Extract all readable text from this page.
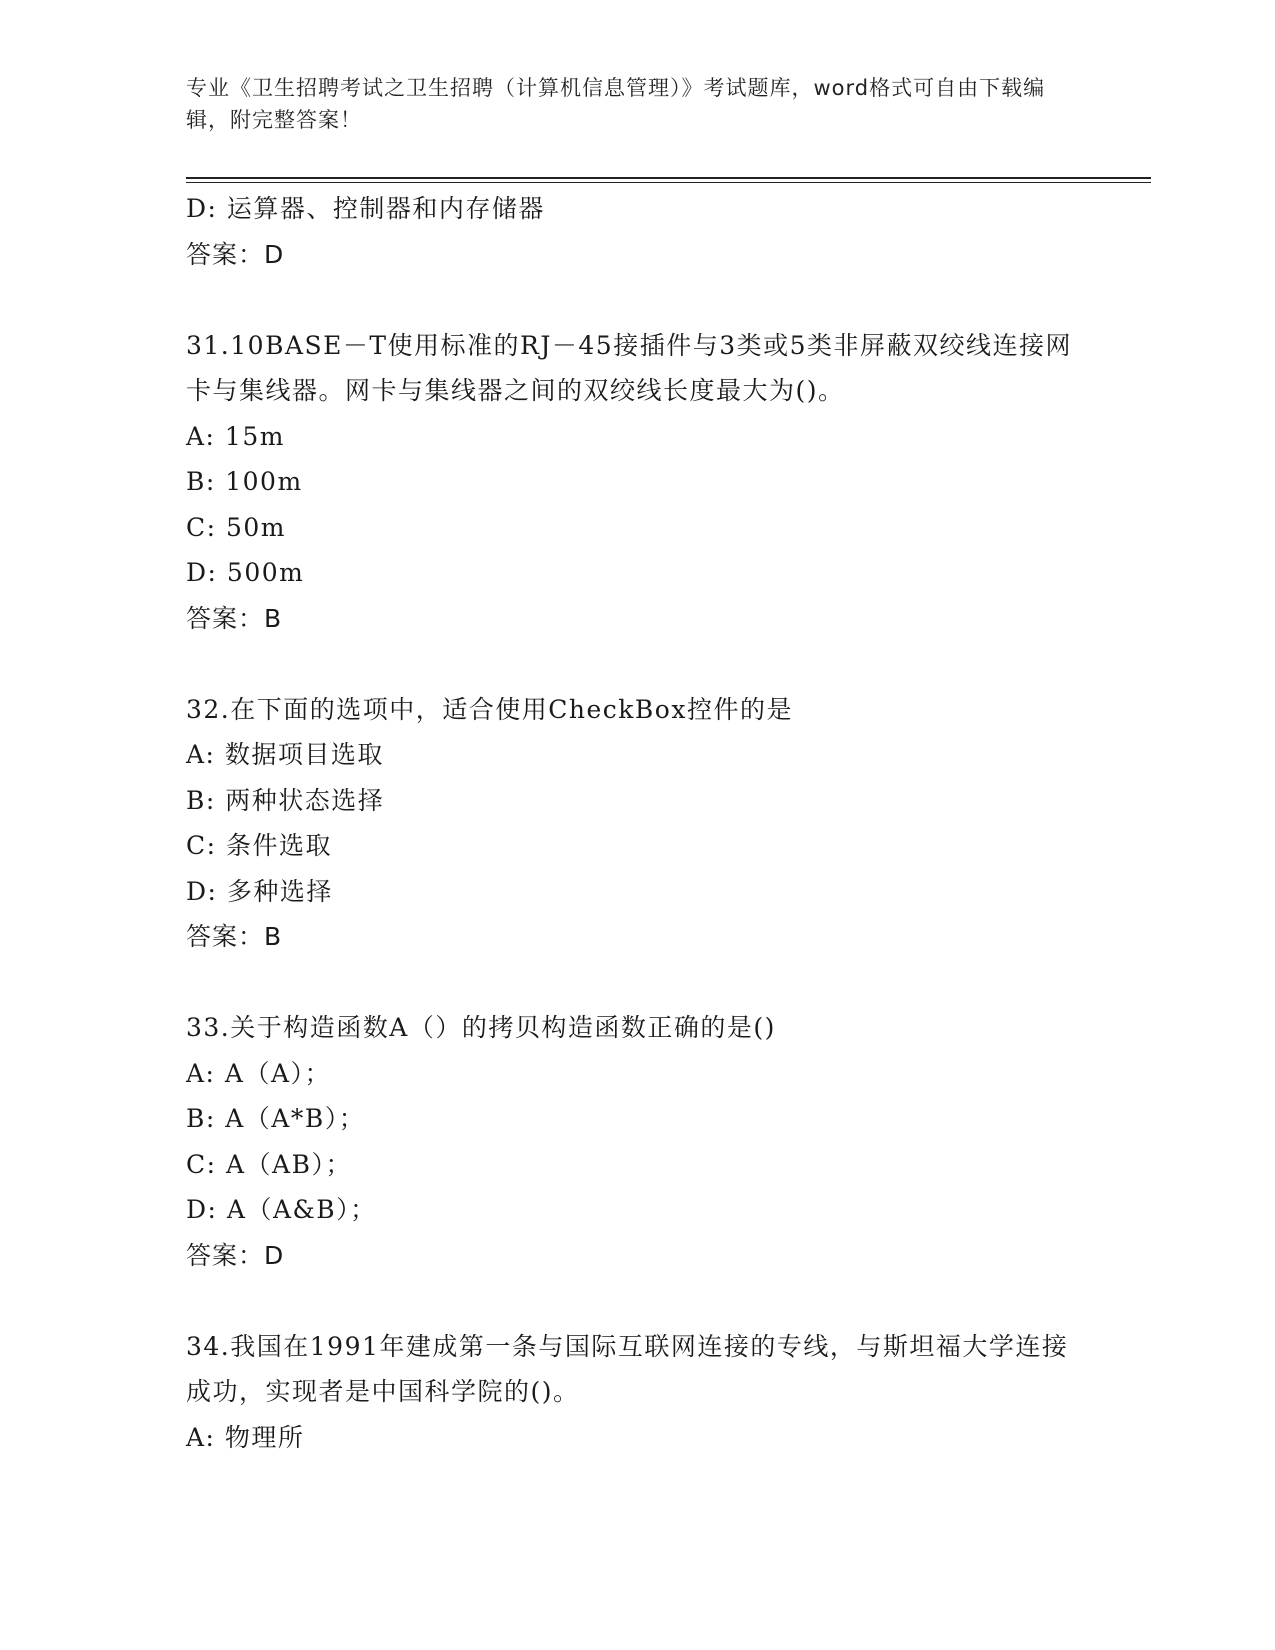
专业《卫生招聘考试之卫生招聘（计算机信息管理）》考试题库，word格式可自由下载编辑，附完整答案！
D: 运算器、控制器和内存储器
答案：D
31.10BASE－T使用标准的RJ－45接插件与3类或5类非屏蔽双绞线连接网卡与集线器。网卡与集线器之间的双绞线长度最大为()。
A: 15m
B: 100m
C: 50m
D: 500m
答案：B
32.在下面的选项中，适合使用CheckBox控件的是
A: 数据项目选取
B: 两种状态选择
C: 条件选取
D: 多种选择
答案：B
33.关于构造函数A（）的拷贝构造函数正确的是()
A: A（A）；
B: A（A*B）；
C: A（AB）；
D: A（A&B）；
答案：D
34.我国在1991年建成第一条与国际互联网连接的专线，与斯坦福大学连接成功，实现者是中国科学院的()。
A: 物理所
